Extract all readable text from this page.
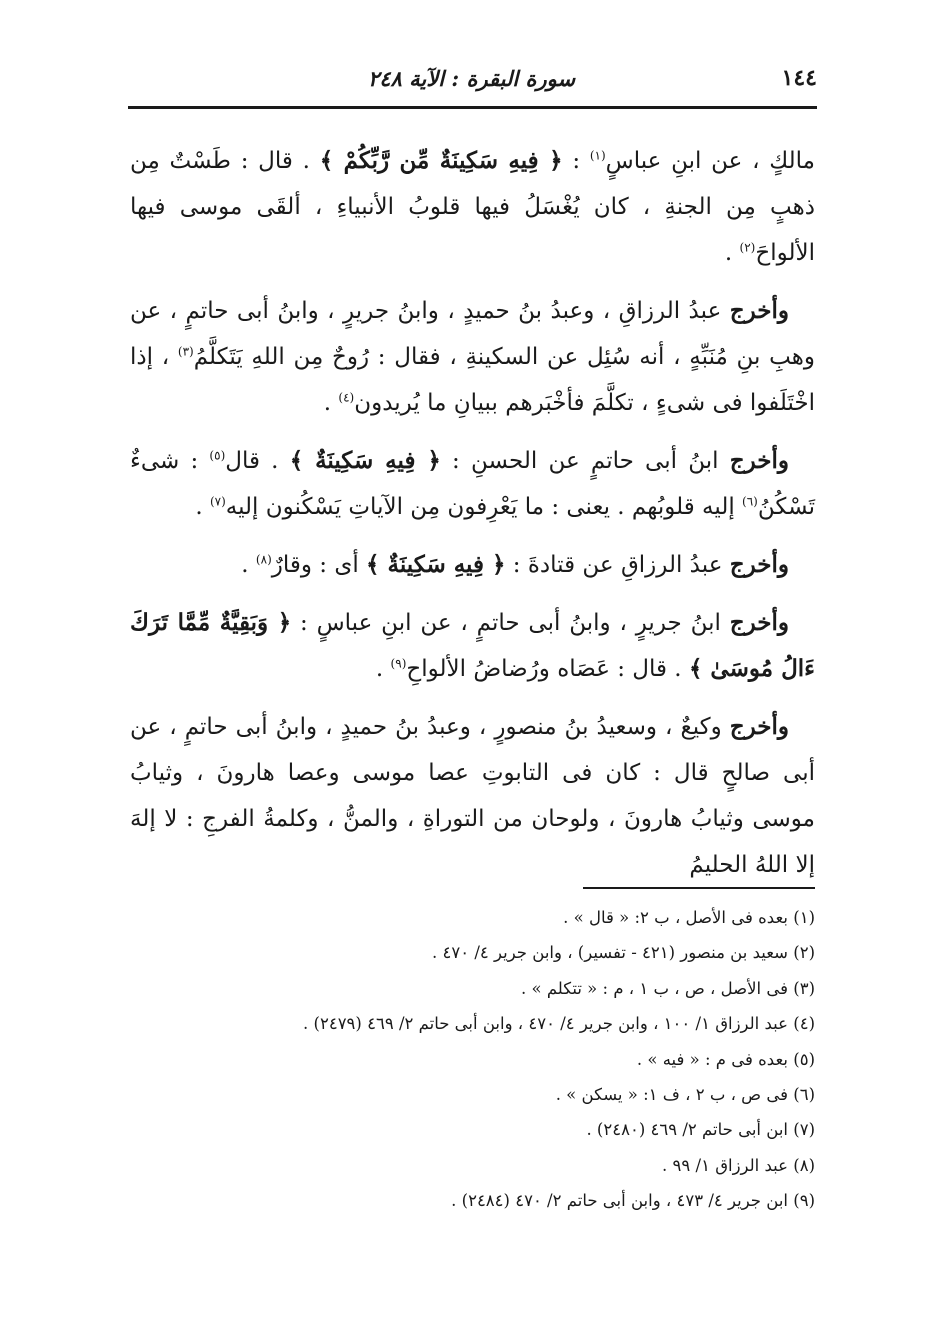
١٤٤
سورة البقرة : الآية ٢٤٨

مالكٍ ، عن ابنِ عباسٍ$^{(١)}$ : ﴿ فِيهِ سَكِينَةٌ مِّن رَّبِّكُمْ ﴾ . قال : طَسْتٌ مِن ذهبٍ مِن الجنةِ ، كان يُغْسَلُ فيها قلوبُ الأنبياءِ ، ألقَى موسى فيها الألواحَ$^{(٢)}$ .

وأخرج عبدُ الرزاقِ ، وعبدُ بنُ حميدٍ ، وابنُ جريرٍ ، وابنُ أبى حاتمٍ ، عن وهبِ بنِ مُنَبِّهٍ ، أنه سُئِل عن السكينةِ ، فقال : رُوحٌ مِن اللهِ يَتَكلَّمُ$^{(٣)}$ ، إذا اخْتَلَفوا فى شىءٍ ، تكلَّمَ فأخْبَرهم ببيانِ ما يُريدون$^{(٤)}$ .

وأخرج ابنُ أبى حاتمٍ عن الحسنِ : ﴿ فِيهِ سَكِينَةٌ ﴾ . قال$^{(٥)}$ : شىءٌ تَسْكُنُ$^{(٦)}$ إليه قلوبُهم . يعنى : ما يَعْرِفون مِن الآياتِ يَسْكُنون إليه$^{(٧)}$ .

وأخرج عبدُ الرزاقِ عن قتادةَ : ﴿ فِيهِ سَكِينَةٌ ﴾ أى : وقارٌ$^{(٨)}$ .

وأخرج ابنُ جريرٍ ، وابنُ أبى حاتمٍ ، عن ابنِ عباسٍ : ﴿ وَبَقِيَّةٌ مِّمَّا تَرَكَ ءَالُ مُوسَىٰ ﴾ . قال : عَصَاه ورُضاضُ الألواحِ$^{(٩)}$ .

وأخرج وكيعٌ ، وسعيدُ بنُ منصورٍ ، وعبدُ بنُ حميدٍ ، وابنُ أبى حاتمٍ ، عن أبى صالحٍ قال : كان فى التابوتِ عصا موسى وعصا هارونَ ، وثيابُ موسى وثيابُ هارونَ ، ولوحان من التوراةِ ، والمنُّ ، وكلمةُ الفرجِ : لا إلهَ إلا اللهُ الحليمُ

(١) بعده فى الأصل ، ب ٢: « قال » .

(٢) سعيد بن منصور (٤٢١ - تفسير) ، وابن جرير ٤/ ٤٧٠ .

(٣) فى الأصل ، ص ، ب ١ ، م : « تتكلم » .

(٤) عبد الرزاق ١/ ١٠٠ ، وابن جرير ٤/ ٤٧٠ ، وابن أبى حاتم ٢/ ٤٦٩ (٢٤٧٩) .

(٥) بعده فى م : « فيه » .

(٦) فى ص ، ب ٢ ، ف ١: « يسكن » .

(٧) ابن أبى حاتم ٢/ ٤٦٩ (٢٤٨٠) .

(٨) عبد الرزاق ١/ ٩٩ .

(٩) ابن جرير ٤/ ٤٧٣ ، وابن أبى حاتم ٢/ ٤٧٠ (٢٤٨٤) .
